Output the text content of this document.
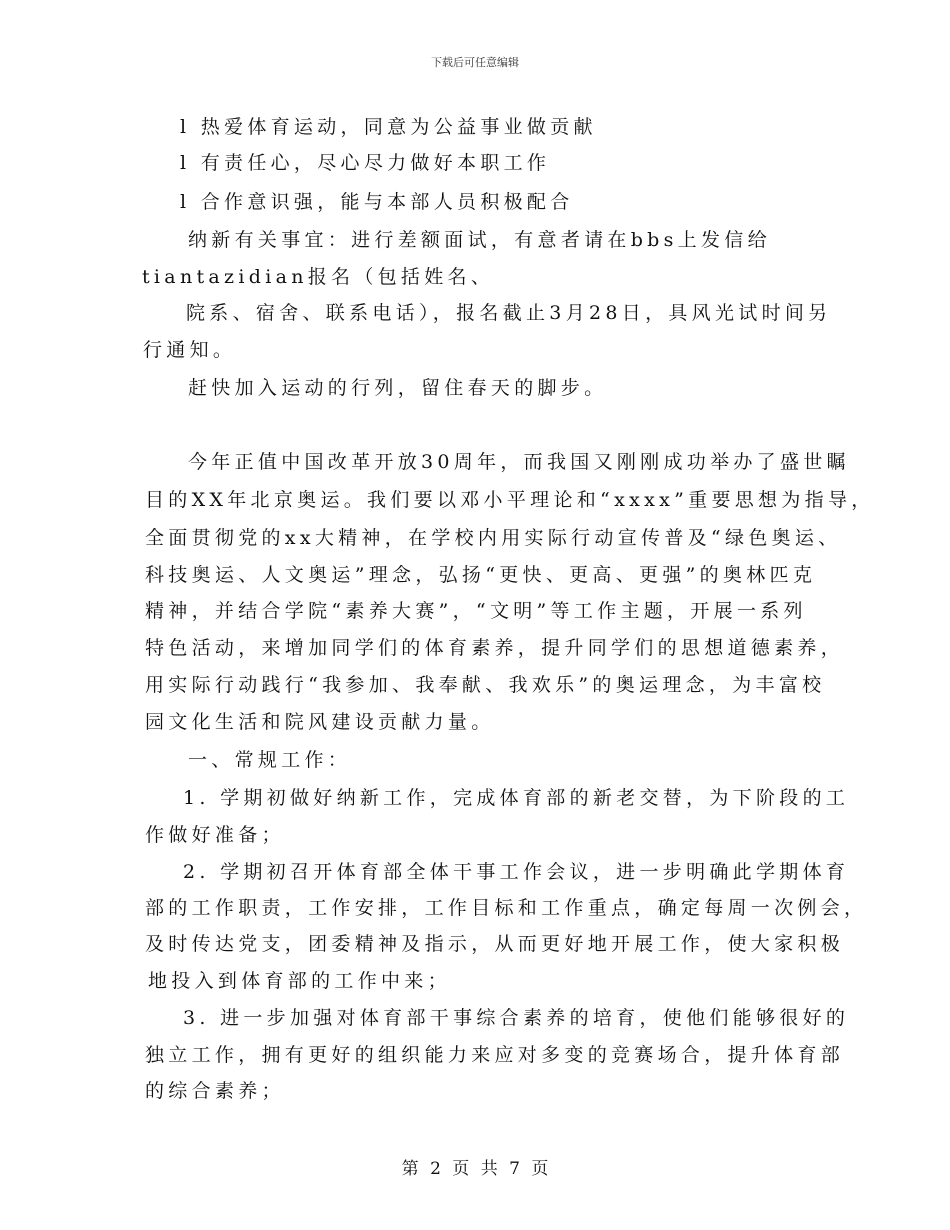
下载后可任意编辑
l 热爱体育运动，同意为公益事业做贡献
l 有责任心，尽心尽力做好本职工作
l 合作意识强，能与本部人员积极配合
纳新有关事宜：进行差额面试，有意者请在bbs上发信给
tiantazidian报名（包括姓名、
院系、宿舍、联系电话），报名截止3月28日，具风光试时间另
行通知。
赶快加入运动的行列，留住春天的脚步。
今年正值中国改革开放30周年，而我国又刚刚成功举办了盛世瞩
目的XX年北京奥运。我们要以邓小平理论和“xxxx”重要思想为指导，
全面贯彻党的xx大精神，在学校内用实际行动宣传普及“绿色奥运、
科技奥运、人文奥运”理念，弘扬“更快、更高、更强”的奥林匹克
精神，并结合学院“素养大赛”，“文明”等工作主题，开展一系列
特色活动，来增加同学们的体育素养，提升同学们的思想道德素养，
用实际行动践行“我参加、我奉献、我欢乐”的奥运理念，为丰富校
园文化生活和院风建设贡献力量。
一、常规工作：
1. 学期初做好纳新工作，完成体育部的新老交替，为下阶段的工
作做好准备；
2. 学期初召开体育部全体干事工作会议，进一步明确此学期体育
部的工作职责，工作安排，工作目标和工作重点，确定每周一次例会，
及时传达党支，团委精神及指示，从而更好地开展工作，使大家积极
地投入到体育部的工作中来；
3. 进一步加强对体育部干事综合素养的培育，使他们能够很好的
独立工作，拥有更好的组织能力来应对多变的竞赛场合，提升体育部
的综合素养；
第 2 页 共 7 页
